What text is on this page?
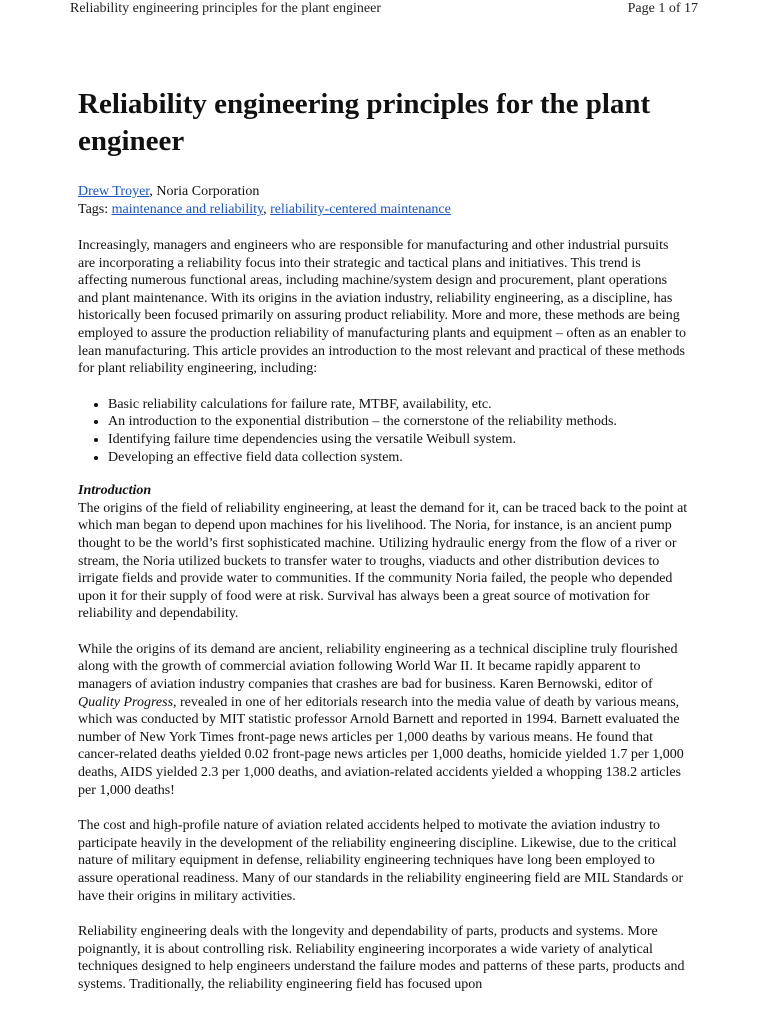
Reliability engineering principles for the plant engineer	Page 1 of 17
Reliability engineering principles for the plant engineer
Drew Troyer, Noria Corporation
Tags: maintenance and reliability, reliability-centered maintenance

Increasingly, managers and engineers who are responsible for manufacturing and other industrial pursuits are incorporating a reliability focus into their strategic and tactical plans and initiatives. This trend is affecting numerous functional areas, including machine/system design and procurement, plant operations and plant maintenance. With its origins in the aviation industry, reliability engineering, as a discipline, has historically been focused primarily on assuring product reliability. More and more, these methods are being employed to assure the production reliability of manufacturing plants and equipment – often as an enabler to lean manufacturing. This article provides an introduction to the most relevant and practical of these methods for plant reliability engineering, including:

• Basic reliability calculations for failure rate, MTBF, availability, etc.
• An introduction to the exponential distribution – the cornerstone of the reliability methods.
• Identifying failure time dependencies using the versatile Weibull system.
• Developing an effective field data collection system.
Introduction

The origins of the field of reliability engineering, at least the demand for it, can be traced back to the point at which man began to depend upon machines for his livelihood. The Noria, for instance, is an ancient pump thought to be the world’s first sophisticated machine. Utilizing hydraulic energy from the flow of a river or stream, the Noria utilized buckets to transfer water to troughs, viaducts and other distribution devices to irrigate fields and provide water to communities. If the community Noria failed, the people who depended upon it for their supply of food were at risk. Survival has always been a great source of motivation for reliability and dependability.

While the origins of its demand are ancient, reliability engineering as a technical discipline truly flourished along with the growth of commercial aviation following World War II. It became rapidly apparent to managers of aviation industry companies that crashes are bad for business. Karen Bernowski, editor of Quality Progress, revealed in one of her editorials research into the media value of death by various means, which was conducted by MIT statistic professor Arnold Barnett and reported in 1994. Barnett evaluated the number of New York Times front-page news articles per 1,000 deaths by various means. He found that cancer-related deaths yielded 0.02 front-page news articles per 1,000 deaths, homicide yielded 1.7 per 1,000 deaths, AIDS yielded 2.3 per 1,000 deaths, and aviation-related accidents yielded a whopping 138.2 articles per 1,000 deaths!

The cost and high-profile nature of aviation related accidents helped to motivate the aviation industry to participate heavily in the development of the reliability engineering discipline. Likewise, due to the critical nature of military equipment in defense, reliability engineering techniques have long been employed to assure operational readiness. Many of our standards in the reliability engineering field are MIL Standards or have their origins in military activities.

Reliability engineering deals with the longevity and dependability of parts, products and systems. More poignantly, it is about controlling risk. Reliability engineering incorporates a wide variety of analytical techniques designed to help engineers understand the failure modes and patterns of these parts, products and systems. Traditionally, the reliability engineering field has focused upon
